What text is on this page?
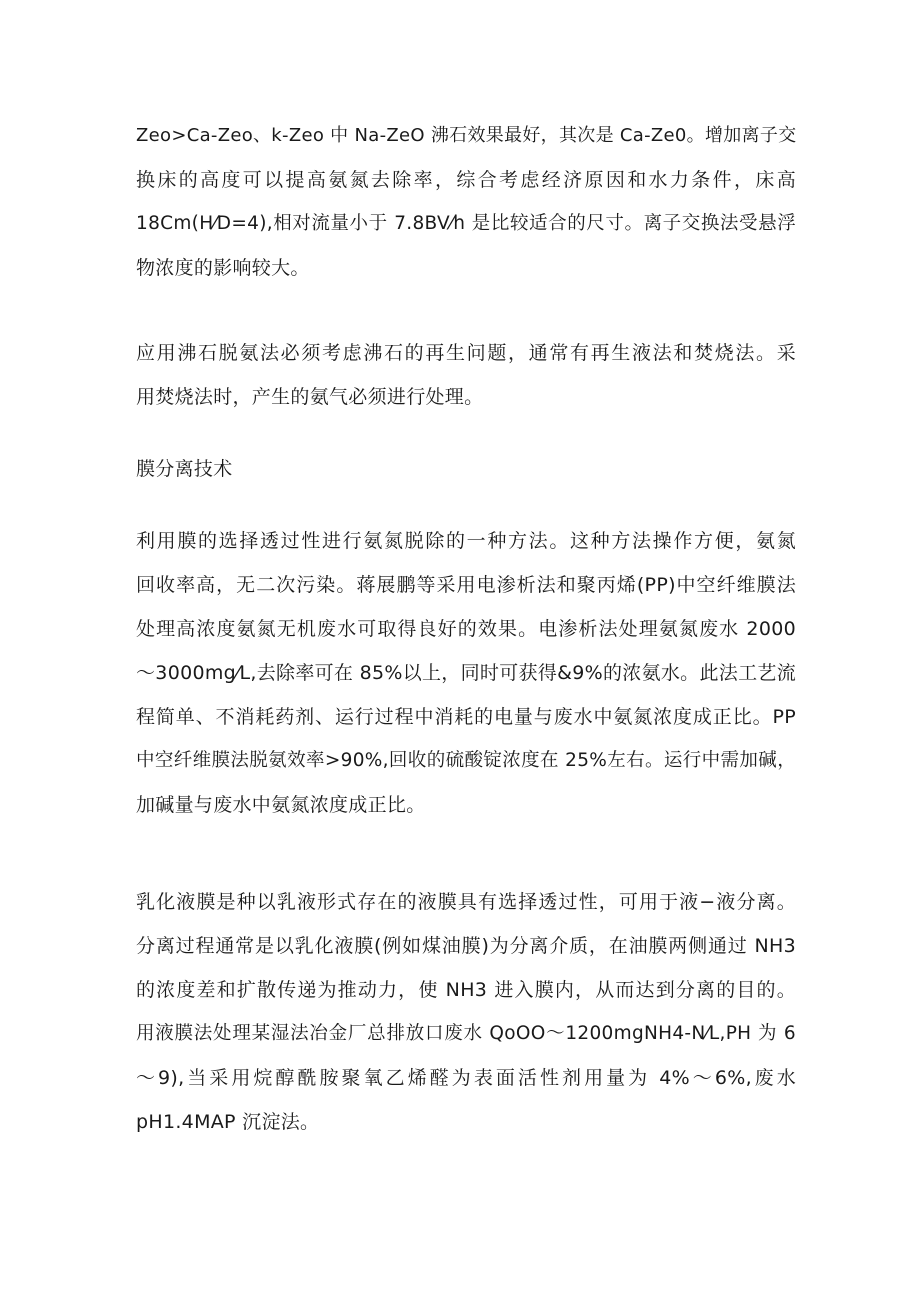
Zeo>Ca-Zeo、k-Zeo 中 Na-ZeO 沸石效果最好，其次是 Ca-Ze0。增加离子交
换床的高度可以提高氨氮去除率，综合考虑经济原因和水力条件，床高
18Cm(H⁄D=4),相对流量小于 7.8BV⁄h 是比较适合的尺寸。离子交换法受悬浮
物浓度的影响较大。
应用沸石脱氨法必须考虑沸石的再生问题，通常有再生液法和焚烧法。采
用焚烧法时，产生的氨气必须进行处理。
膜分离技术
利用膜的选择透过性进行氨氮脱除的一种方法。这种方法操作方便，氨氮
回收率高，无二次污染。蒋展鹏等采用电渗析法和聚丙烯(PP)中空纤维膜法
处理高浓度氨氮无机废水可取得良好的效果。电渗析法处理氨氮废水 2000
～3000mg⁄L,去除率可在 85%以上，同时可获得&9%的浓氨水。此法工艺流
程简单、不消耗药剂、运行过程中消耗的电量与废水中氨氮浓度成正比。PP
中空纤维膜法脱氨效率>90%,回收的硫酸锭浓度在 25%左右。运行中需加碱，
加碱量与废水中氨氮浓度成正比。
乳化液膜是种以乳液形式存在的液膜具有选择透过性，可用于液−液分离。
分离过程通常是以乳化液膜(例如煤油膜)为分离介质，在油膜两侧通过 NH3
的浓度差和扩散传递为推动力，使 NH3 进入膜内，从而达到分离的目的。
用液膜法处理某湿法冶金厂总排放口废水 QoOO～1200mgNH4-N⁄L,PH 为 6
～9),当采用烷醇酰胺聚氧乙烯醛为表面活性剂用量为 4%～6%,废水
pH1.4MAP 沉淀法。
